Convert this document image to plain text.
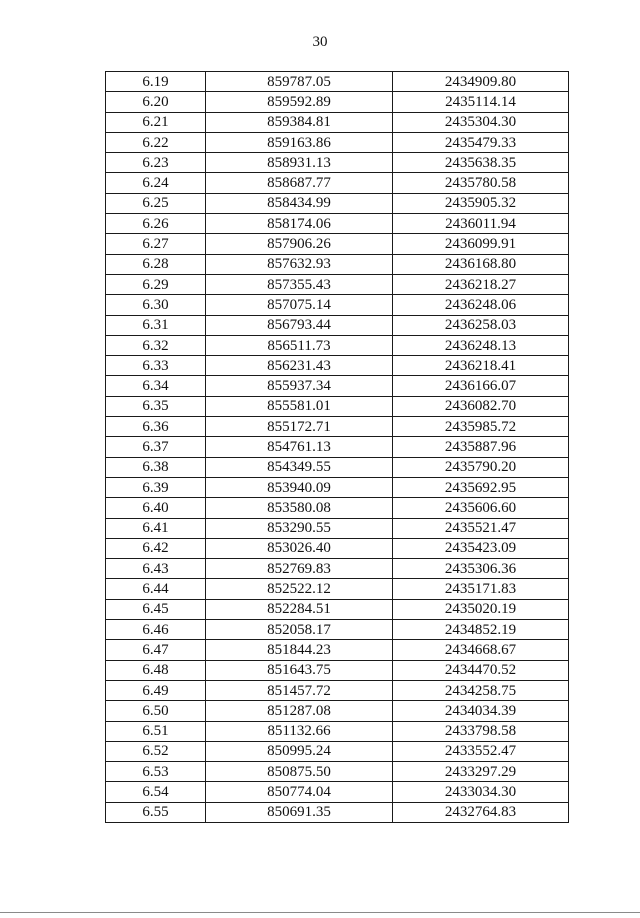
30
6.19	859787.05	2434909.80
6.20	859592.89	2435114.14
6.21	859384.81	2435304.30
6.22	859163.86	2435479.33
6.23	858931.13	2435638.35
6.24	858687.77	2435780.58
6.25	858434.99	2435905.32
6.26	858174.06	2436011.94
6.27	857906.26	2436099.91
6.28	857632.93	2436168.80
6.29	857355.43	2436218.27
6.30	857075.14	2436248.06
6.31	856793.44	2436258.03
6.32	856511.73	2436248.13
6.33	856231.43	2436218.41
6.34	855937.34	2436166.07
6.35	855581.01	2436082.70
6.36	855172.71	2435985.72
6.37	854761.13	2435887.96
6.38	854349.55	2435790.20
6.39	853940.09	2435692.95
6.40	853580.08	2435606.60
6.41	853290.55	2435521.47
6.42	853026.40	2435423.09
6.43	852769.83	2435306.36
6.44	852522.12	2435171.83
6.45	852284.51	2435020.19
6.46	852058.17	2434852.19
6.47	851844.23	2434668.67
6.48	851643.75	2434470.52
6.49	851457.72	2434258.75
6.50	851287.08	2434034.39
6.51	851132.66	2433798.58
6.52	850995.24	2433552.47
6.53	850875.50	2433297.29
6.54	850774.04	2433034.30
6.55	850691.35	2432764.83
